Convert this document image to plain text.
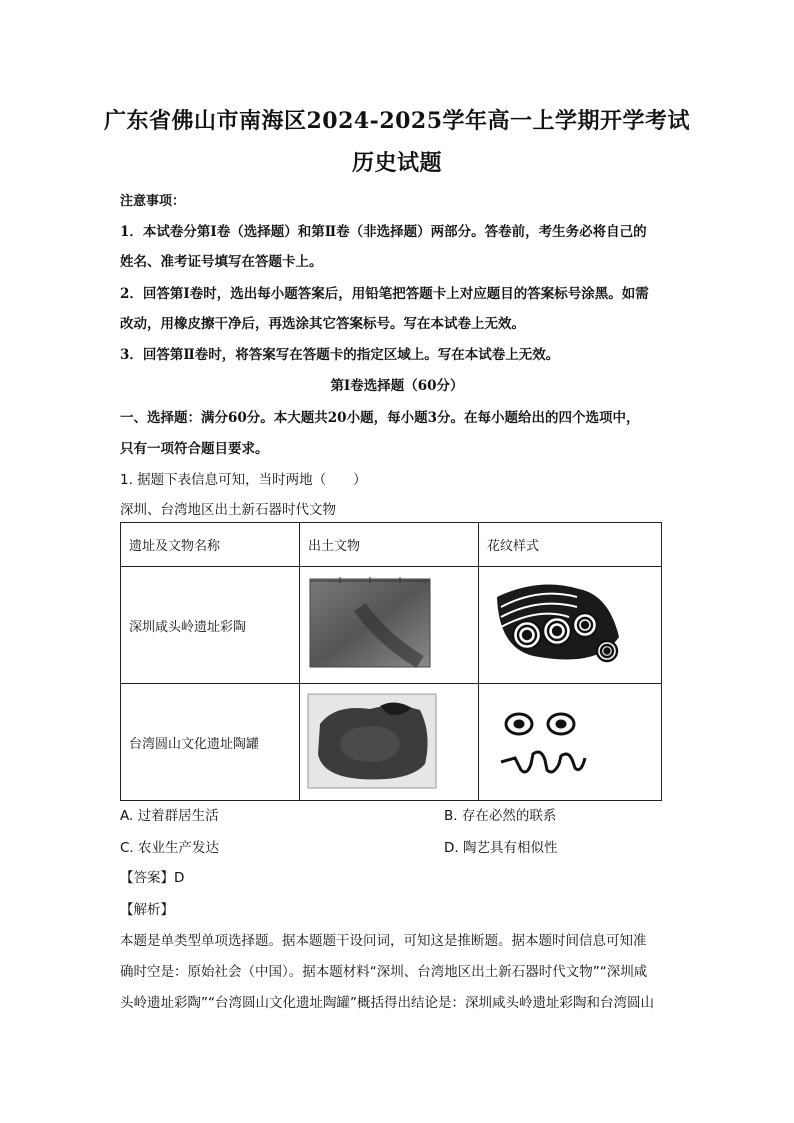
广东省佛山市南海区2024-2025学年高一上学期开学考试
历史试题
注意事项：
1．本试卷分第Ⅰ卷（选择题）和第Ⅱ卷（非选择题）两部分。答卷前，考生务必将自己的
姓名、准考证号填写在答题卡上。
2．回答第Ⅰ卷时，选出每小题答案后，用铅笔把答题卡上对应题目的答案标号涂黑。如需
改动，用橡皮擦干净后，再选涂其它答案标号。写在本试卷上无效。
3．回答第Ⅱ卷时，将答案写在答题卡的指定区域上。写在本试卷上无效。
第Ⅰ卷选择题（60分）
一、选择题：满分60分。本大题共20小题，每小题3分。在每小题给出的四个选项中，
只有一项符合题目要求。
1. 据题下表信息可知，当时两地（　　）
深圳、台湾地区出土新石器时代文物
遗址及文物名称	出土文物	花纹样式
深圳咸头岭遗址彩陶		
台湾圆山文化遗址陶罐		
A. 过着群居生活	B. 存在必然的联系
C. 农业生产发达	D. 陶艺具有相似性
【答案】D
【解析】
本题是单类型单项选择题。据本题题干设问词，可知这是推断题。据本题时间信息可知准
确时空是：原始社会（中国）。据本题材料“深圳、台湾地区出土新石器时代文物”“深圳咸
头岭遗址彩陶”“台湾圆山文化遗址陶罐”概括得出结论是：深圳咸头岭遗址彩陶和台湾圆山
